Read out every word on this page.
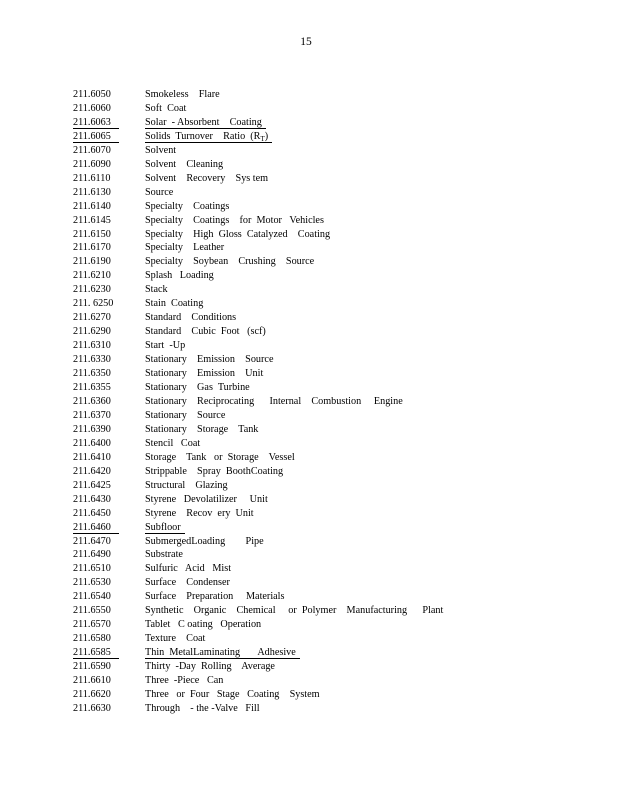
15
211.6050	Smokeless    Flare
211.6060	Soft  Coat
211.6063	Solar  - Absorbent    Coating
211.6065	Solids  Turnover    Ratio  $(R_T)$
211.6070	Solvent
211.6090	Solvent    Cleaning
211.6110	Solvent    Recovery    Sys tem
211.6130	Source
211.6140	Specialty    Coatings
211.6145	Specialty    Coatings    for  Motor   Vehicles
211.6150	Specialty    High  Gloss  Catalyzed    Coating
211.6170	Specialty    Leather
211.6190	Specialty    Soybean    Crushing    Source
211.6210	Splash   Loading
211.6230	Stack
211. 6250	Stain  Coating
211.6270	Standard    Conditions
211.6290	Standard    Cubic  Foot   (scf)
211.6310	Start  -Up
211.6330	Stationary    Emission    Source
211.6350	Stationary    Emission    Unit
211.6355	Stationary    Gas  Turbine
211.6360	Stationary    Reciprocating      Internal    Combustion     Engine
211.6370	Stationary    Source
211.6390	Stationary    Storage    Tank
211.6400	Stencil   Coat
211.6410	Storage    Tank   or  Storage    Vessel
211.6420	Strippable    Spray  BoothCoating
211.6425	Structural    Glazing
211.6430	Styrene   Devolatilizer     Unit
211.6450	Styrene    Recov  ery  Unit
211.6460	Subfloor
211.6470	SubmergedLoading        Pipe
211.6490	Substrate
211.6510	Sulfuric   Acid   Mist
211.6530	Surface    Condenser
211.6540	Surface    Preparation     Materials
211.6550	Synthetic    Organic    Chemical     or  Polymer    Manufacturing      Plant
211.6570	Tablet   C oating   Operation
211.6580	Texture    Coat
211.6585	Thin  MetalLaminating       Adhesive
211.6590	Thirty  -Day  Rolling    Average
211.6610	Three  -Piece   Can
211.6620	Three   or  Four   Stage   Coating    System
211.6630	Through    - the -Valve   Fill
